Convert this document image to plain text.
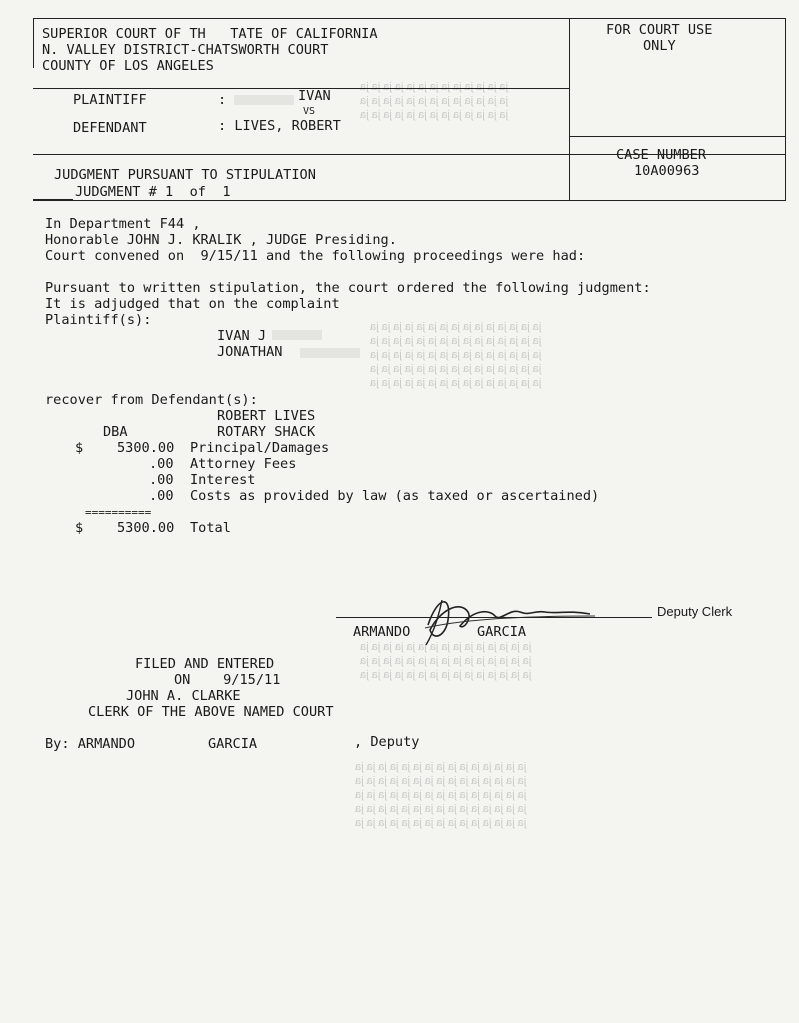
ja ja ja ja ja ja ja ja ja ja ja ja ja
ja ja ja ja ja ja ja ja ja ja ja ja ja
ja ja ja ja ja ja ja ja ja ja ja ja ja
ja ja ja ja ja ja ja ja ja ja ja ja ja ja ja
ja ja ja ja ja ja ja ja ja ja ja ja ja ja ja
ja ja ja ja ja ja ja ja ja ja ja ja ja ja ja
ja ja ja ja ja ja ja ja ja ja ja ja ja ja ja
ja ja ja ja ja ja ja ja ja ja ja ja ja ja ja
ja ja ja ja ja ja ja ja ja ja ja ja ja ja ja
ja ja ja ja ja ja ja ja ja ja ja ja ja ja ja
ja ja ja ja ja ja ja ja ja ja ja ja ja ja ja
ja ja ja ja ja ja ja ja ja ja ja ja ja ja ja
ja ja ja ja ja ja ja ja ja ja ja ja ja ja ja
ja ja ja ja ja ja ja ja ja ja ja ja ja ja ja
ja ja ja ja ja ja ja ja ja ja ja ja ja ja ja
ja ja ja ja ja ja ja ja ja ja ja ja ja ja ja
SUPERIOR COURT OF TH   TATE OF CALIFORNIA
N. VALLEY DISTRICT-CHATSWORTH COURT
COUNTY OF LOS ANGELES
FOR COURT USE
ONLY
PLAINTIFF	:	IVAN
VS
DEFENDANT	: LIVES, ROBERT
JUDGMENT PURSUANT TO STIPULATION
JUDGMENT # 1  of  1
CASE NUMBER
10A00963
In Department F44 ,
Honorable JOHN J. KRALIK , JUDGE Presiding.
Court convened on  9/15/11 and the following proceedings were had:
Pursuant to written stipulation, the court ordered the following judgment:
It is adjudged that on the complaint
Plaintiff(s):
IVAN J
JONATHAN
recover from Defendant(s):
ROBERT LIVES
DBA	ROTARY SHACK
$ 5300.00 Principal/Damages
.00 Attorney Fees
.00 Interest
.00 Costs as provided by law (as taxed or ascertained)
==========
$ 5300.00 Total
Deputy Clerk
ARMANDO	GARCIA
FILED AND ENTERED
ON    9/15/11
JOHN A. CLARKE
CLERK OF THE ABOVE NAMED COURT
By: ARMANDO	GARCIA	, Deputy
